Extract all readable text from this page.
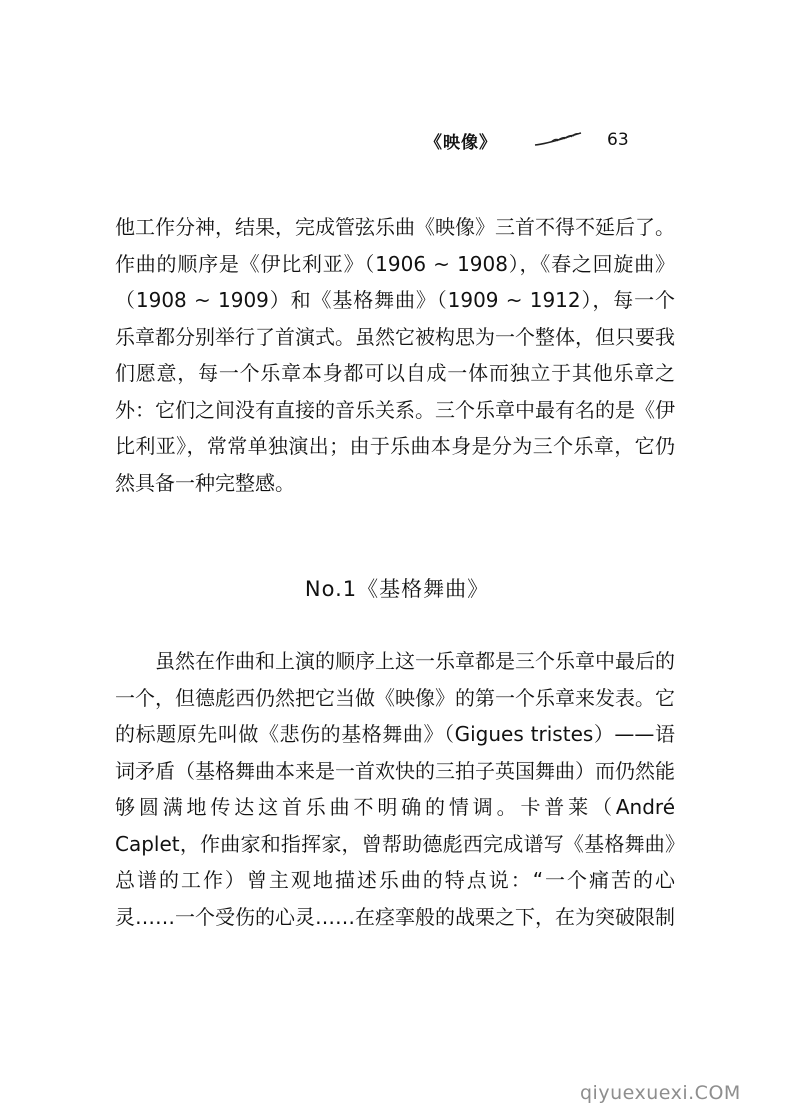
《映像》	63

他工作分神，结果，完成管弦乐曲《映像》三首不得不延后了。作曲的顺序是《伊比利亚》（1906 ~ 1908），《春之回旋曲》（1908 ~ 1909）和《基格舞曲》（1909 ~ 1912），每一个乐章都分别举行了首演式。虽然它被构思为一个整体，但只要我们愿意，每一个乐章本身都可以自成一体而独立于其他乐章之外：它们之间没有直接的音乐关系。三个乐章中最有名的是《伊比利亚》，常常单独演出；由于乐曲本身是分为三个乐章，它仍然具备一种完整感。

No.1《基格舞曲》

　　虽然在作曲和上演的顺序上这一乐章都是三个乐章中最后的一个，但德彪西仍然把它当做《映像》的第一个乐章来发表。它的标题原先叫做《悲伤的基格舞曲》（Gigues tristes）——语词矛盾（基格舞曲本来是一首欢快的三拍子英国舞曲）而仍然能够圆满地传达这首乐曲不明确的情调。卡普莱（André Caplet，作曲家和指挥家，曾帮助德彪西完成谱写《基格舞曲》总谱的工作）曾主观地描述乐曲的特点说：“一个痛苦的心灵……一个受伤的心灵……在痉挛般的战栗之下，在为突破限制

qiyuexuexi.COM
